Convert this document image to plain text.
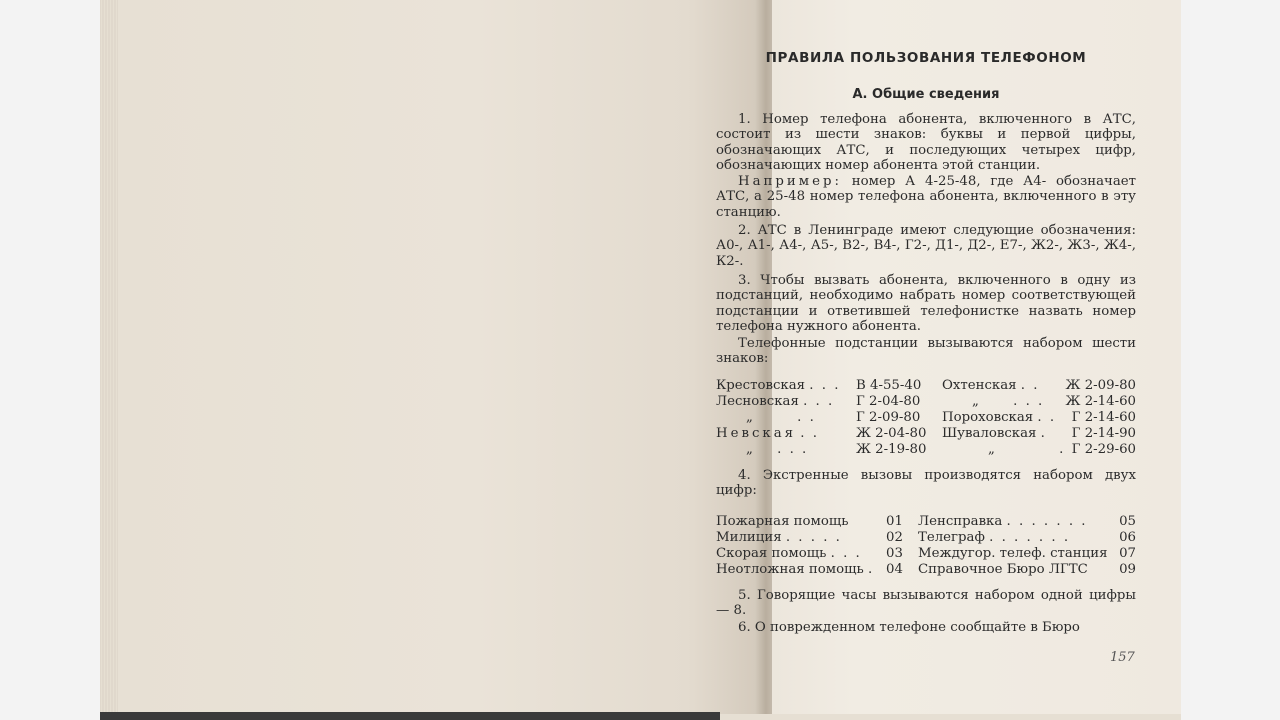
ПРАВИЛА ПОЛЬЗОВАНИЯ ТЕЛЕФОНОМ
А. Общие сведения
1. Номер телефона абонента, включенного в АТС, состоит из шести знаков: буквы и первой цифры, обозначающих АТС, и последующих четырех цифр, обозначающих номер абонента этой станции.
Например: номер А 4-25-48, где А4- обозначает АТС, а 25-48 номер телефона абонента, включенного в эту станцию.
2. АТС в Ленинграде имеют следующие обозначения: А0-, А1-, А4-, А5-, В2-, В4-, Г2-, Д1-, Д2-, Е7-, Ж2-, Ж3-, Ж4-, К2-.
3. Чтобы вызвать абонента, включенного в одну из подстанций, необходимо набрать номер соответствующей подстанции и ответившей телефонистке назвать номер телефона нужного абонента.
Телефонные подстанции вызываются набором шести знаков:
Крестовская . . . В 4-55-40 Охтенская . . Ж 2-09-80
Лесновская . . . Г 2-04-80	„	. . . Ж 2-14-60
„	. .	Г 2-09-80 Пороховская . . Г 2-14-60
Невская . .	Ж 2-04-80 Шуваловская . Г 2-14-90
„ . . .	Ж 2-19-80	„	. Г 2-29-60
4. Экстренные вызовы производятся набором двух цифр:
Пожарная помощь	01 Ленсправка . . . . . . . 05
Милиция . . . . .	02 Телеграф . . . . . . .	06
Скорая помощь . . . 03 Междугор. телеф. станция 07
Неотложная помощь . 04 Справочное Бюро ЛГТС 09
5. Говорящие часы вызываются набором одной цифры — 8.
6. О поврежденном телефоне сообщайте в Бюро
157
